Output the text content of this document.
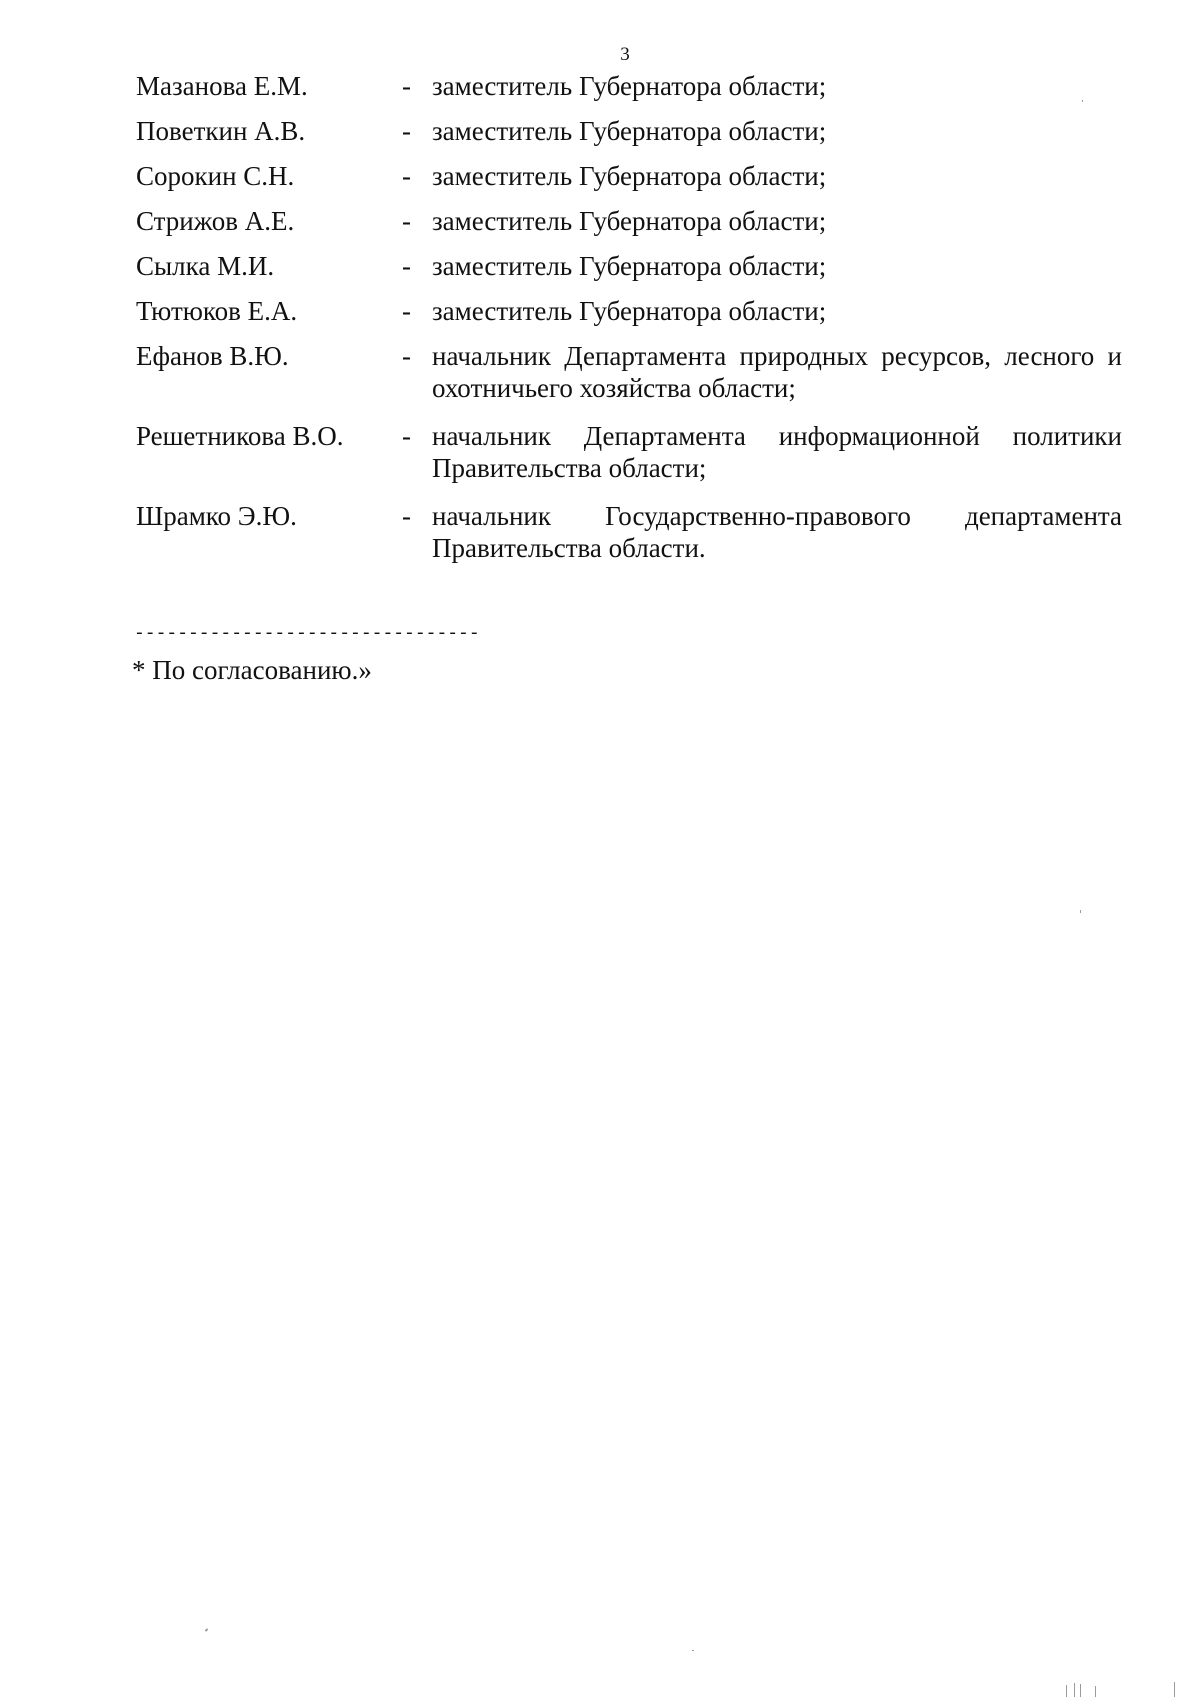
3
Мазанова Е.М.	- заместитель Губернатора области;
Поветкин А.В.	- заместитель Губернатора области;
Сорокин С.Н.	- заместитель Губернатора области;
Стрижов А.Е.	- заместитель Губернатора области;
Сылка М.И.	- заместитель Губернатора области;
Тютюков Е.А.	- заместитель Губернатора области;
Ефанов В.Ю.	- начальник Департамента природных ресурсов, лесного и охотничьего хозяйства области;
Решетникова В.О.	- начальник Департамента информационной политики Правительства области;
Шрамко Э.Ю.	- начальник Государственно-правового департамента Правительства области.
--------------------------------
* По согласованию.»
